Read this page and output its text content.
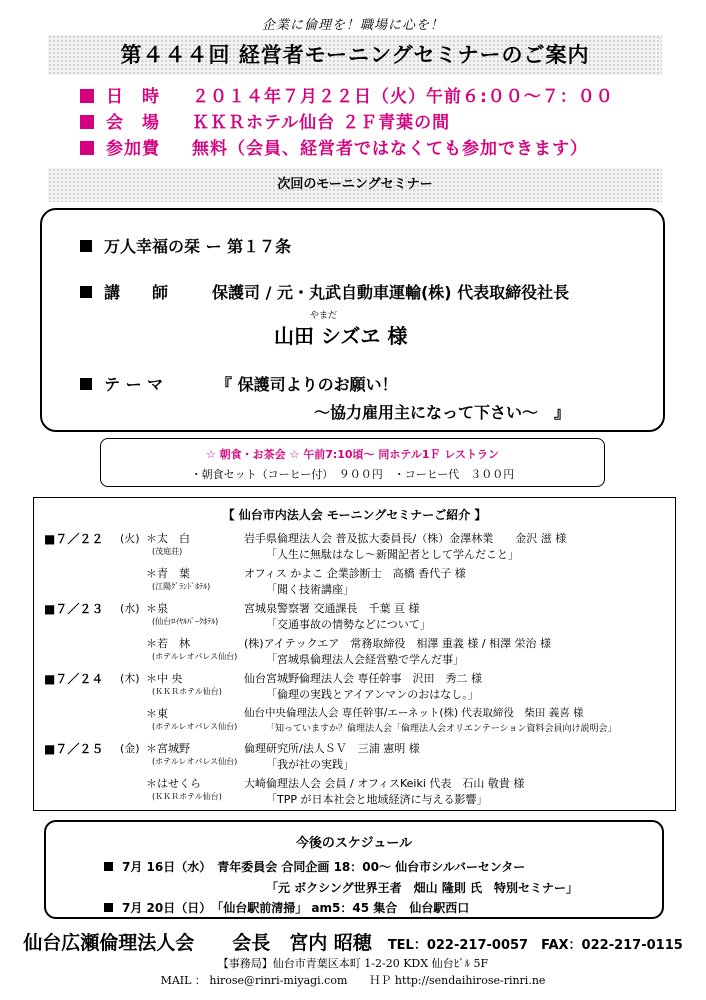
企業に倫理を！職場に心を！
第４４４回 経営者モーニングセミナーのご案内
日　時 ２０１４年７月２２日（火）午前６:００～７：００
会　場 ＫＫＲホテル仙台 ２Ｆ青葉の間
参加費 無料（会員、経営者ではなくても参加できます）
次回のモーニングセミナー
万人幸福の栞 ー 第１７条
講　　師	保護司 / 元・丸武自動車運輸(株) 代表取締役社長
やまだ
山田 シズヱ 様
テ ー マ	『 保護司よりのお願い！
～協力雇用主になって下さい～　』
☆ 朝食・お茶会 ☆ 午前7:10頃～ 同ホテル1Ｆ レストラン
・朝食セット（コーヒー付）　９００円　・コーヒー代　３００円
【 仙台市内法人会 モーニングセミナーご紹介 】
■７／２２ (火) ＊太　白	岩手県倫理法人会 普及拡大委員長/（株）金澤林業　　金沢 滋 様
(茂庭荘)	「人生に無駄はなし～新聞記者として学んだこと」
＊青　葉	オフィス かよこ 企業診断士　高橋 香代子 様
(江陽ｸﾞﾗﾝﾄﾞﾎﾃﾙ)	「聞く技術講座」
■７／２３ (水) ＊泉	宮城泉警察署 交通課長　千葉 亘 様
(仙台ﾛｲﾔﾙﾊﾟｰｸﾎﾃﾙ)	「交通事故の情勢などについて」
＊若　林	(株)アイテックエア　常務取締役　相澤 重義 様 / 相澤 栄治 様
(ホテルレオパレス仙台)	「宮城県倫理法人会経営塾で学んだ事」
■７／２４ (木) ＊中 央	仙台宮城野倫理法人会 専任幹事　沢田　秀二 様
(ＫＫＲホテル仙台)	「倫理の実践とアイアンマンのおはなし。」
＊東	仙台中央倫理法人会 専任幹事/エーネット(株) 代表取締役　柴田 義喜 様
(ホテルレオパレス仙台)	「知っていますか？倫理法人会「倫理法人会オリエンテーション資料会員向け説明会」
■７／２５ (金) ＊宮城野	倫理研究所/法人ＳＶ　三浦 憲明 様
(ホテルレオパレス仙台)	「我が社の実践」
＊はせくら	大崎倫理法人会 会員 / オフィスKeiki 代表　石山 敬貴 様
(ＫＫＲホテル仙台)	「TPP が日本社会と地域経済に与える影響」
今後のスケジュール
7月 16日（水）　青年委員会 合同企画 18：00～ 仙台市シルバーセンター
「元 ボクシング世界王者　畑山 隆則 氏　特別セミナー」
7月 20日（日）　「仙台駅前清掃」 am5：45 集合　仙台駅西口
仙台広瀬倫理法人会　　会長　宮内 昭穂 TEL：022-217-0057　FAX：022-217-0115
【事務局】仙台市青葉区本町 1-2-20 KDX 仙台ﾋﾞﾙ 5F
MAIL ： hirose@rinri-miyagi.com　　ＨＰ http://sendaihirose-rinri.ne
